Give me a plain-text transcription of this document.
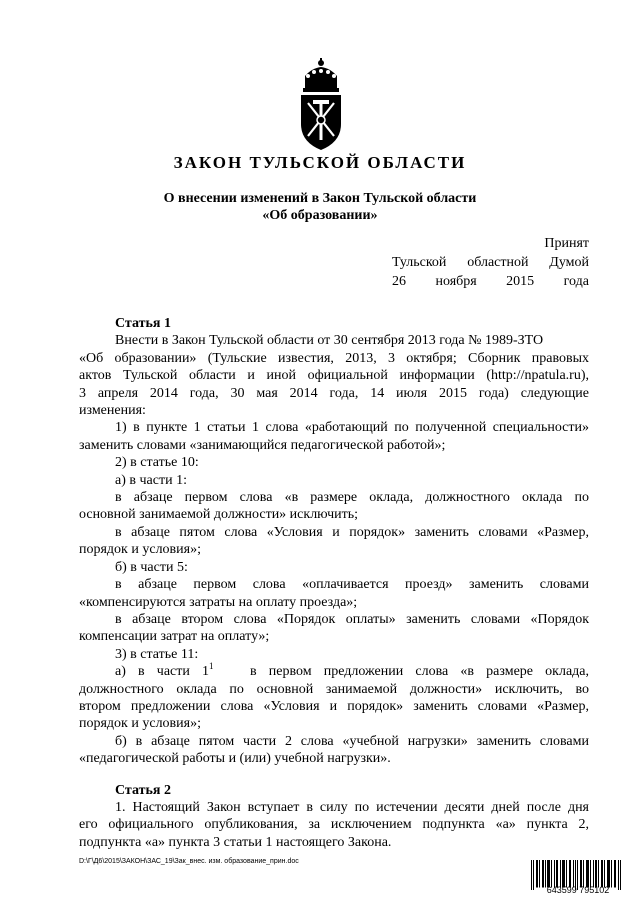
ЗАКОН ТУЛЬСКОЙ ОБЛАСТИ
О внесении изменений в Закон Тульской области
«Об образовании»
Принят
Тульской областной Думой
26 ноября 2015 года

Статья 1

Внести в Закон Тульской области от 30 сентября 2013 года № 1989-ЗТО

«Об образовании» (Тульские известия, 2013, 3 октября; Сборник правовых

актов Тульской области и иной официальной информации (http://npatula.ru),

3 апреля 2014 года, 30 мая 2014 года, 14 июля 2015 года) следующие

изменения:

1) в пункте 1 статьи 1 слова «работающий по полученной специальности»

заменить словами «занимающийся педагогической работой»;

2) в статье 10:

а) в части 1:

в абзаце первом слова «в размере оклада, должностного оклада по

основной занимаемой должности» исключить;

в абзаце пятом слова «Условия и порядок» заменить словами «Размер,

порядок и условия»;

б) в части 5:

в абзаце первом слова «оплачивается проезд» заменить словами

«компенсируются затраты на оплату проезда»;

в абзаце втором слова «Порядок оплаты» заменить словами «Порядок

компенсации затрат на оплату»;

3) в статье 11:

а) в части $1^1$	в первом предложении слова «в размере оклада,

должностного оклада по основной занимаемой должности» исключить, во

втором предложении слова «Условия и порядок» заменить словами «Размер,

порядок и условия»;

б) в абзаце пятом части 2 слова «учебной нагрузки» заменить словами

«педагогической работы и (или) учебной нагрузки».

Статья 2

1. Настоящий Закон вступает в силу по истечении десяти дней после дня

его официального опубликования, за исключением подпункта «а» пункта 2,

подпункта «а» пункта 3 статьи 1 настоящего Закона.

D:\Г\Д6\2015\ЗАКОН\ЗАС_19\Зак_внес. изм. образование_прин.doc
643599 795102
